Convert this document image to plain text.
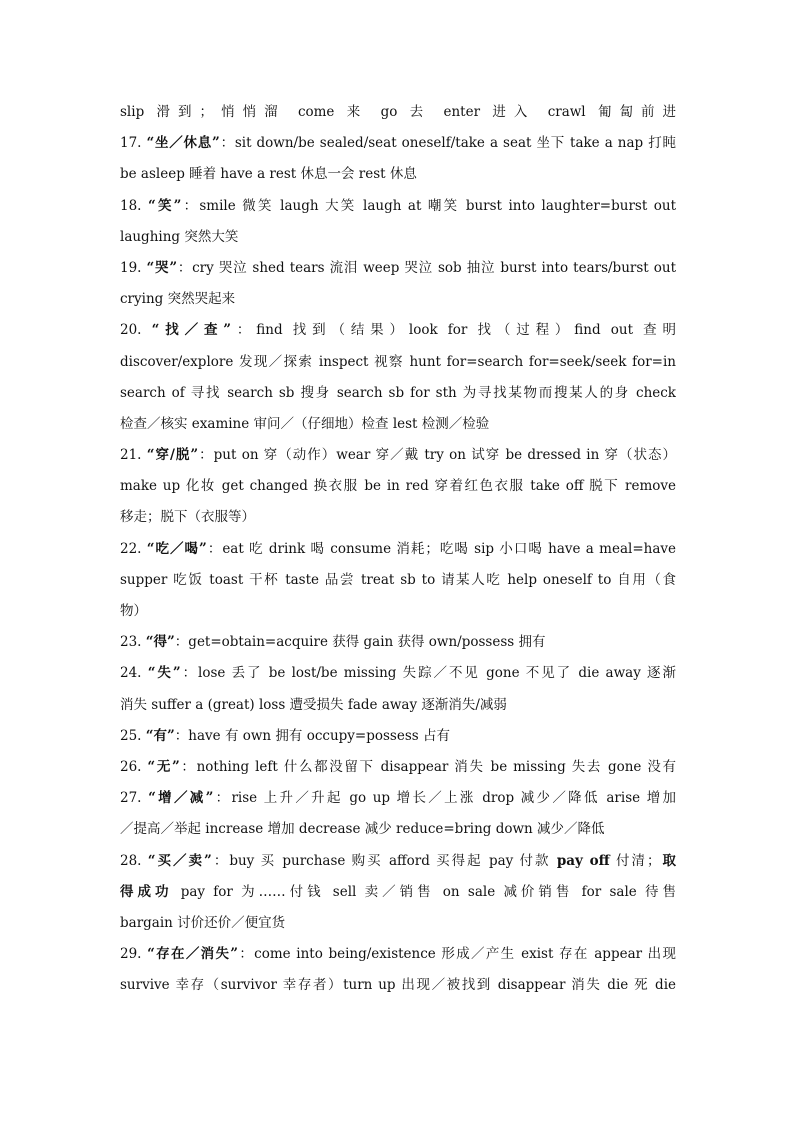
slip 滑到；悄悄溜 come 来 go 去 enter 进入 crawl 匍匐前进
17. “坐／休息”：sit down/be sealed/seat oneself/take a seat 坐下 take a nap 打盹
be asleep 睡着 have a rest 休息一会 rest 休息
18. “笑”：smile 微笑 laugh 大笑 laugh at 嘲笑 burst into laughter=burst out
laughing 突然大笑
19. “哭”：cry 哭泣 shed tears 流泪 weep 哭泣 sob 抽泣 burst into tears/burst out
crying 突然哭起来
20. “找／查”：find 找到（结果）look for 找（过程）find out 查明
discover/explore 发现／探索 inspect 视察 hunt for=search for=seek/seek for=in
search of 寻找 search sb 搜身 search sb for sth 为寻找某物而搜某人的身 check
检查／核实 examine 审问／（仔细地）检查 lest 检测／检验
21. “穿/脱”：put on 穿（动作）wear 穿／戴 try on 试穿 be dressed in 穿（状态）
make up 化妆 get changed 换衣服 be in red 穿着红色衣服 take off 脱下 remove
移走；脱下（衣服等）
22. “吃／喝”：eat 吃 drink 喝 consume 消耗；吃喝 sip 小口喝 have a meal=have
supper 吃饭 toast 干杯 taste 品尝 treat sb to 请某人吃 help oneself to 自用（食
物）
23. “得”：get=obtain=acquire 获得 gain 获得 own/possess 拥有
24. “失”：lose 丢了 be lost/be missing 失踪／不见 gone 不见了 die away 逐渐
消失 suffer a (great) loss 遭受损失 fade away 逐渐消失/减弱
25. “有”：have 有 own 拥有 occupy=possess 占有
26. “无”：nothing left 什么都没留下 disappear 消失 be missing 失去 gone 没有
27. “增／减”：rise 上升／升起 go up 增长／上涨 drop 减少／降低 arise 增加
／提高／举起 increase 增加 decrease 减少 reduce=bring down 减少／降低
28. “买／卖”：buy 买 purchase 购买 afford 买得起 pay 付款 pay off 付清；取
得成功 pay for 为……付钱 sell 卖／销售 on sale 减价销售 for sale 待售
bargain 讨价还价／便宜货
29. “存在／消失”：come into being/existence 形成／产生 exist 存在 appear 出现
survive 幸存（survivor 幸存者）turn up 出现／被找到 disappear 消失 die 死 die
